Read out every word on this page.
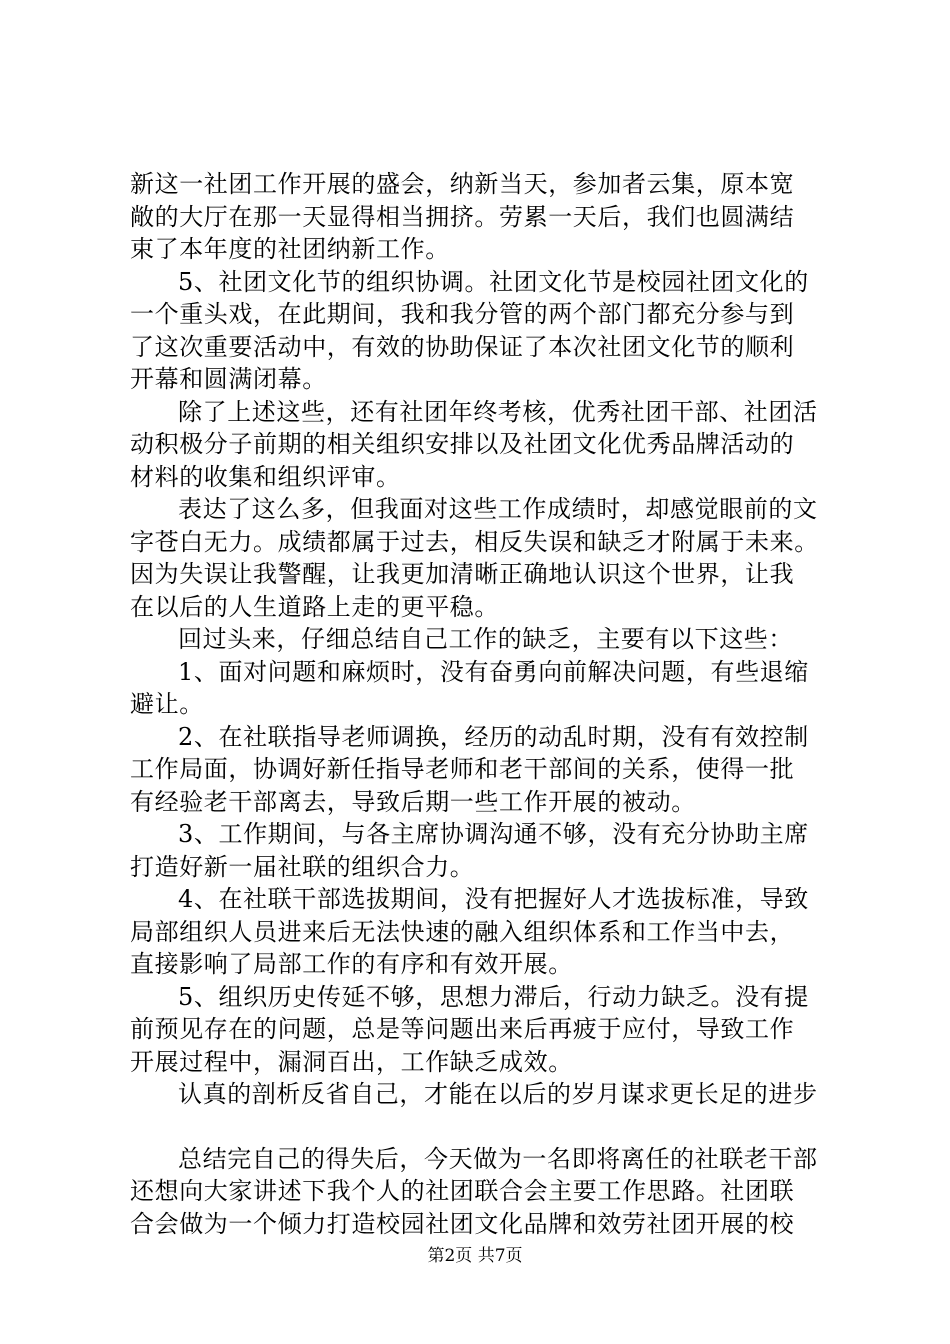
新这一社团工作开展的盛会，纳新当天，参加者云集，原本宽
敞的大厅在那一天显得相当拥挤。劳累一天后，我们也圆满结
束了本年度的社团纳新工作。
5、社团文化节的组织协调。社团文化节是校园社团文化的
一个重头戏，在此期间，我和我分管的两个部门都充分参与到
了这次重要活动中，有效的协助保证了本次社团文化节的顺利
开幕和圆满闭幕。
除了上述这些，还有社团年终考核，优秀社团干部、社团活
动积极分子前期的相关组织安排以及社团文化优秀品牌活动的
材料的收集和组织评审。
表达了这么多，但我面对这些工作成绩时，却感觉眼前的文
字苍白无力。成绩都属于过去，相反失误和缺乏才附属于未来。
因为失误让我警醒，让我更加清晰正确地认识这个世界，让我
在以后的人生道路上走的更平稳。
回过头来，仔细总结自己工作的缺乏，主要有以下这些：
1、面对问题和麻烦时，没有奋勇向前解决问题，有些退缩
避让。
2、在社联指导老师调换，经历的动乱时期，没有有效控制
工作局面，协调好新任指导老师和老干部间的关系，使得一批
有经验老干部离去，导致后期一些工作开展的被动。
3、工作期间，与各主席协调沟通不够，没有充分协助主席
打造好新一届社联的组织合力。
4、在社联干部选拔期间，没有把握好人才选拔标准，导致
局部组织人员进来后无法快速的融入组织体系和工作当中去，
直接影响了局部工作的有序和有效开展。
5、组织历史传延不够，思想力滞后，行动力缺乏。没有提
前预见存在的问题，总是等问题出来后再疲于应付，导致工作
开展过程中，漏洞百出，工作缺乏成效。
认真的剖析反省自己，才能在以后的岁月谋求更长足的进步
总结完自己的得失后，今天做为一名即将离任的社联老干部
还想向大家讲述下我个人的社团联合会主要工作思路。社团联
合会做为一个倾力打造校园社团文化品牌和效劳社团开展的校
第2页 共7页
